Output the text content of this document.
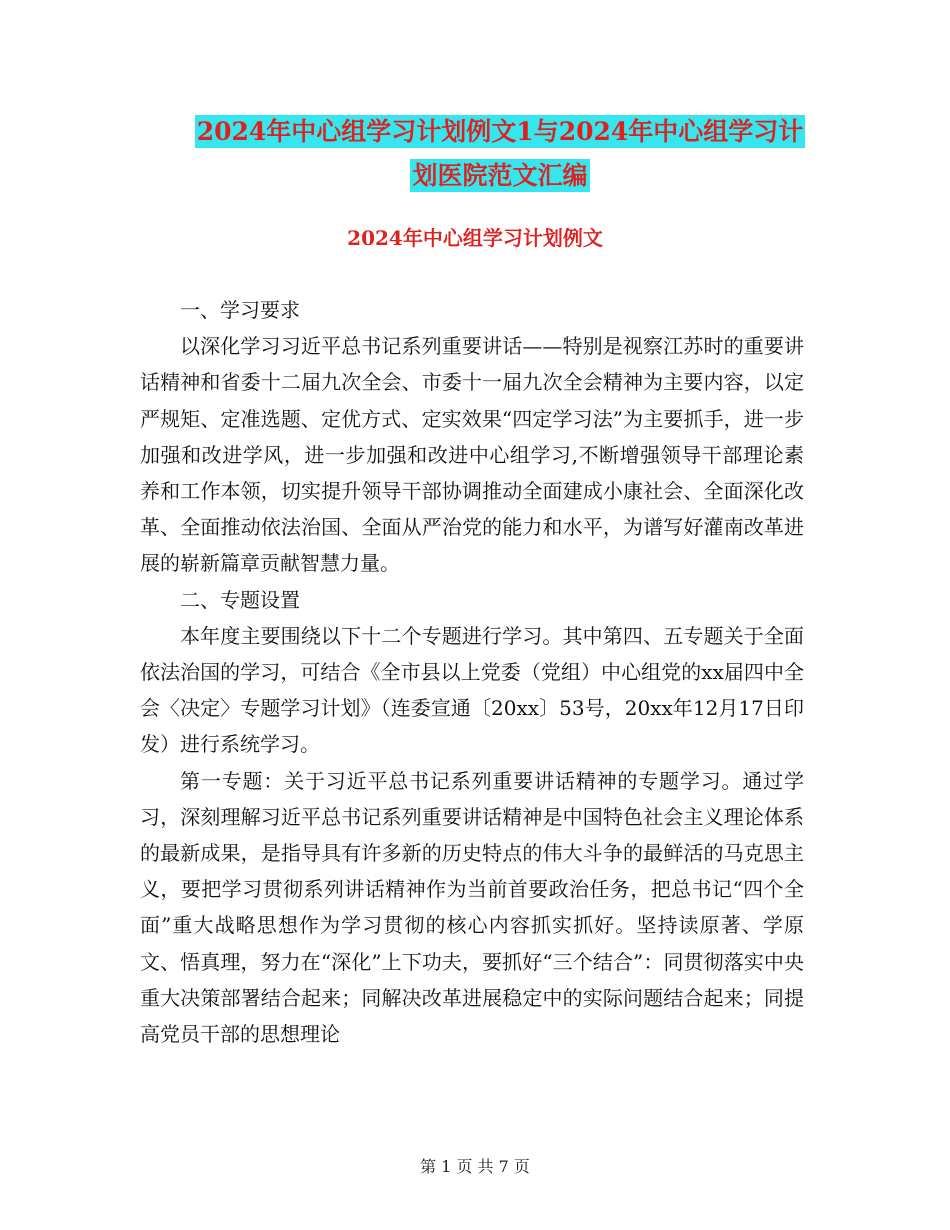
2024年中心组学习计划例文1与2024年中心组学习计
划医院范文汇编
2024年中心组学习计划例文

一、学习要求

以深化学习习近平总书记系列重要讲话——特别是视察江苏时的重要讲话精神和省委十二届九次全会、市委十一届九次全会精神为主要内容，以定严规矩、定准选题、定优方式、定实效果“四定学习法”为主要抓手，进一步加强和改进学风，进一步加强和改进中心组学习,不断增强领导干部理论素养和工作本领，切实提升领导干部协调推动全面建成小康社会、全面深化改革、全面推动依法治国、全面从严治党的能力和水平，为谱写好灌南改革进展的崭新篇章贡献智慧力量。

二、专题设置

本年度主要围绕以下十二个专题进行学习。其中第四、五专题关于全面依法治国的学习，可结合《全市县以上党委（党组）中心组党的xx届四中全会〈决定〉专题学习计划》（连委宣通〔20xx〕53号，20xx年12月17日印发）进行系统学习。

第一专题：关于习近平总书记系列重要讲话精神的专题学习。通过学习，深刻理解习近平总书记系列重要讲话精神是中国特色社会主义理论体系的最新成果，是指导具有许多新的历史特点的伟大斗争的最鲜活的马克思主义，要把学习贯彻系列讲话精神作为当前首要政治任务，把总书记“四个全面”重大战略思想作为学习贯彻的核心内容抓实抓好。坚持读原著、学原文、悟真理，努力在“深化”上下功夫，要抓好“三个结合”：同贯彻落实中央重大决策部署结合起来；同解决改革进展稳定中的实际问题结合起来；同提高党员干部的思想理论

第 1 页 共 7 页
